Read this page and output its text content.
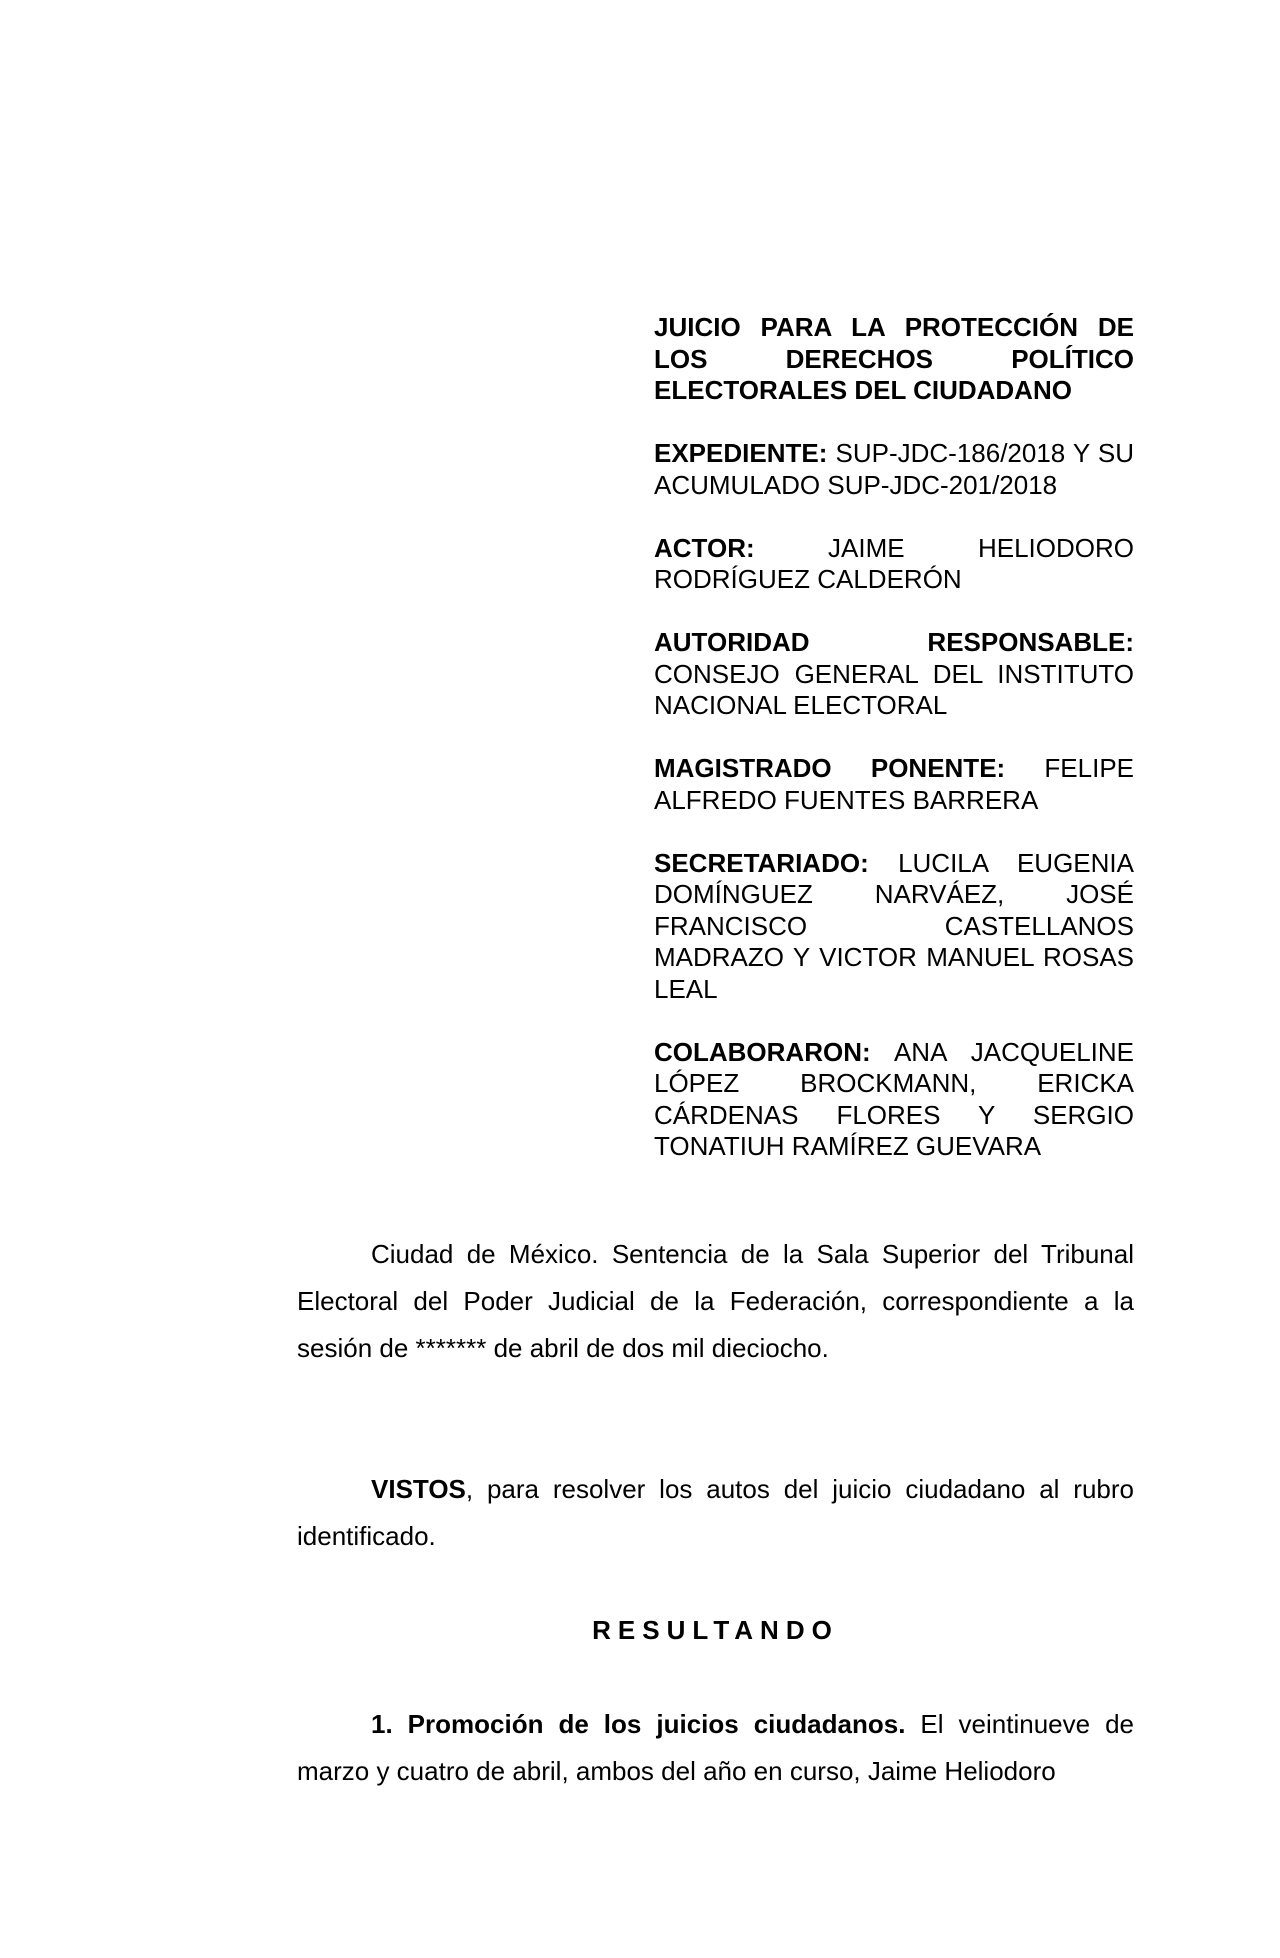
JUICIO PARA LA PROTECCIÓN DE LOS DERECHOS POLÍTICO ELECTORALES DEL CIUDADANO
EXPEDIENTE: SUP-JDC-186/2018 Y SU ACUMULADO SUP-JDC-201/2018
ACTOR:	JAIME HELIODORO RODRÍGUEZ CALDERÓN
AUTORIDAD RESPONSABLE: CONSEJO GENERAL DEL INSTITUTO NACIONAL ELECTORAL
MAGISTRADO PONENTE: FELIPE ALFREDO FUENTES BARRERA
SECRETARIADO: LUCILA EUGENIA DOMÍNGUEZ NARVÁEZ, JOSÉ FRANCISCO CASTELLANOS MADRAZO Y VICTOR MANUEL ROSAS LEAL
COLABORARON: ANA JACQUELINE LÓPEZ BROCKMANN, ERICKA CÁRDENAS FLORES Y SERGIO TONATIUH RAMÍREZ GUEVARA

Ciudad de México. Sentencia de la Sala Superior del Tribunal Electoral del Poder Judicial de la Federación, correspondiente a la sesión de ******* de abril de dos mil dieciocho.

VISTOS, para resolver los autos del juicio ciudadano al rubro identificado.

RESULTANDO

1. Promoción de los juicios ciudadanos. El veintinueve de marzo y cuatro de abril, ambos del año en curso, Jaime Heliodoro
